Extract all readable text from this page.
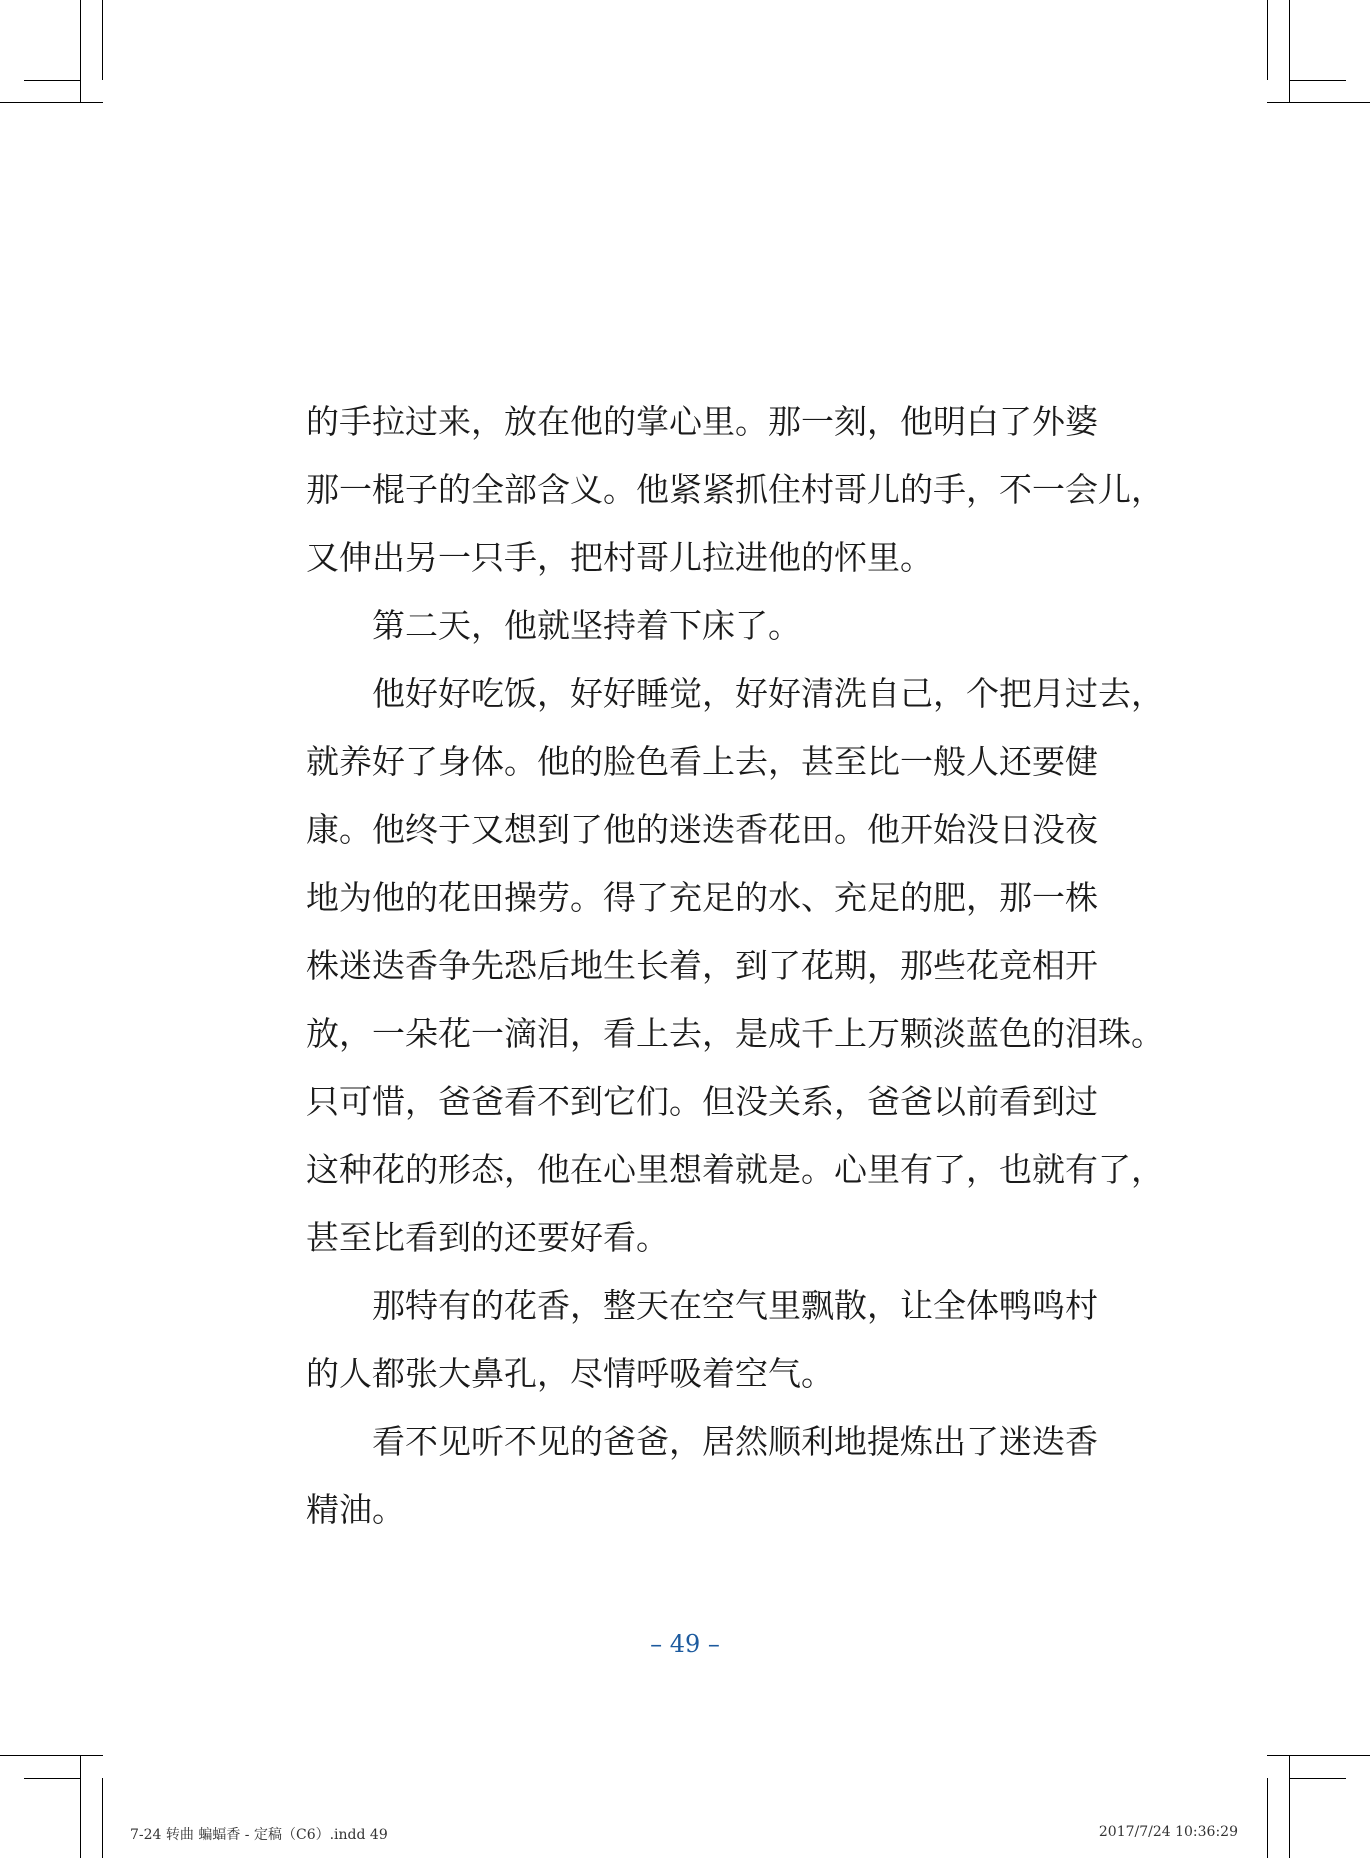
的手拉过来，放在他的掌心里。那一刻，他明白了外婆
那一棍子的全部含义。他紧紧抓住村哥儿的手，不一会儿，
又伸出另一只手，把村哥儿拉进他的怀里。
第二天，他就坚持着下床了。
他好好吃饭，好好睡觉，好好清洗自己，个把月过去，
就养好了身体。他的脸色看上去，甚至比一般人还要健
康。他终于又想到了他的迷迭香花田。他开始没日没夜
地为他的花田操劳。得了充足的水、充足的肥，那一株
株迷迭香争先恐后地生长着，到了花期，那些花竞相开
放，一朵花一滴泪，看上去，是成千上万颗淡蓝色的泪珠。
只可惜，爸爸看不到它们。但没关系，爸爸以前看到过
这种花的形态，他在心里想着就是。心里有了，也就有了，
甚至比看到的还要好看。
那特有的花香，整天在空气里飘散，让全体鸭鸣村
的人都张大鼻孔，尽情呼吸着空气。
看不见听不见的爸爸，居然顺利地提炼出了迷迭香
精油。
– 49 –
7-24 转曲 蝙蝠香 - 定稿（C6）.indd 49	2017/7/24 10:36:29
